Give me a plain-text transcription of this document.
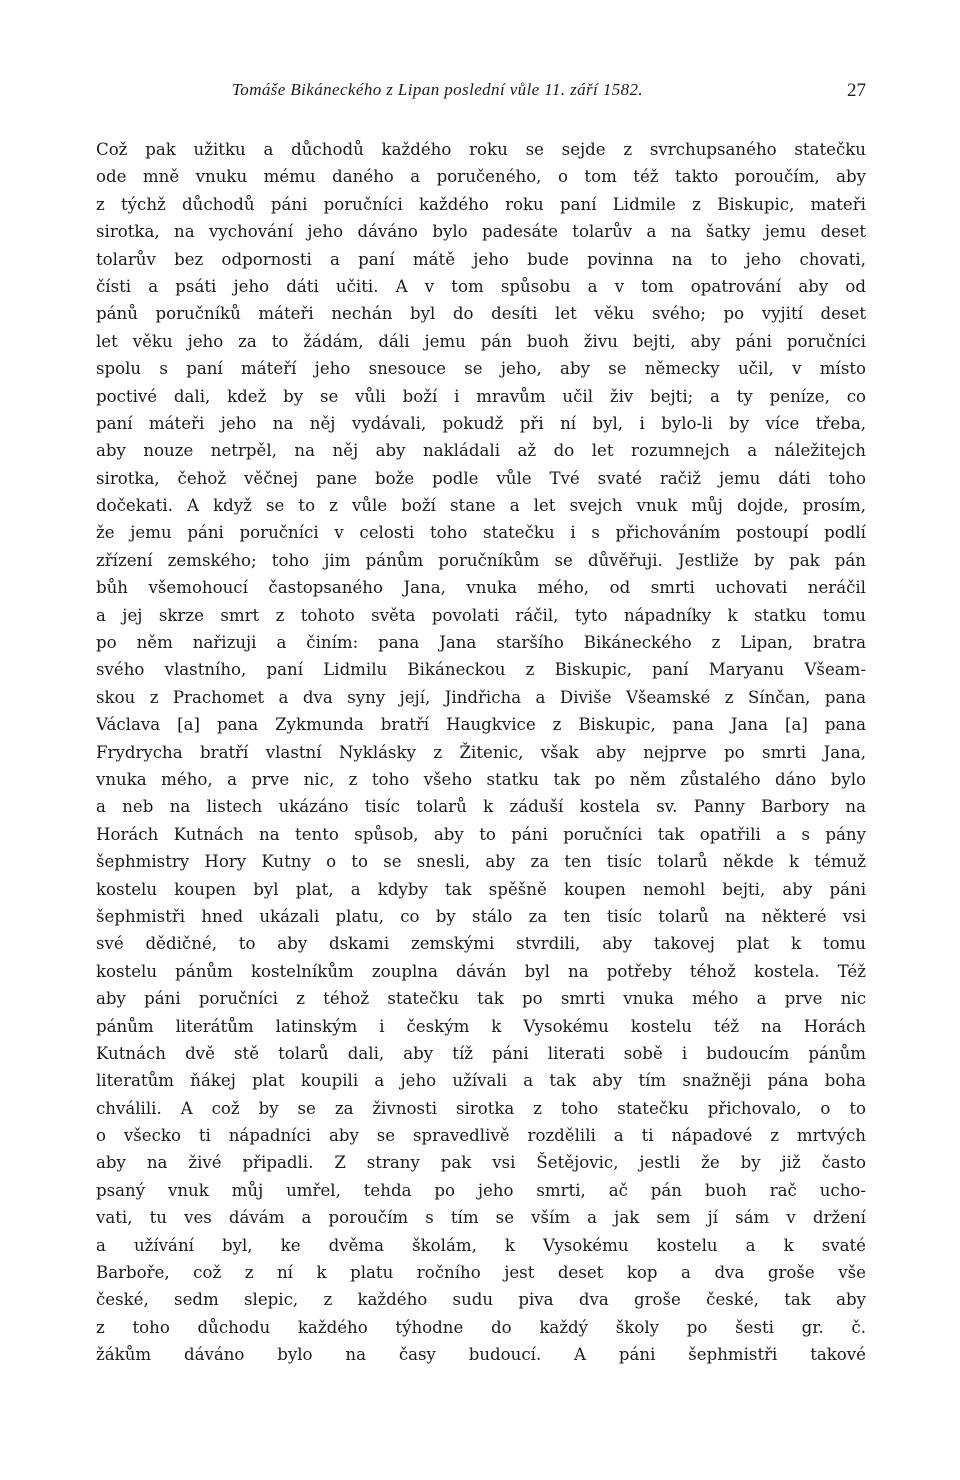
Tomáše Bikáneckého z Lipan poslední vůle 11. září 1582.	27
Což pak užitku a důchodů každého roku se sejde z svrchupsaného statečku
ode mně vnuku mému daného a poručeného, o tom též takto poroučím, aby
z týchž důchodů páni poručníci každého roku paní Lidmile z Biskupic, mateři
sirotka, na vychování jeho dáváno bylo padesáte tolarův a na šatky jemu deset
tolarův bez odpornosti a paní mátě jeho bude povinna na to jeho chovati,
čísti a psáti jeho dáti učiti. A v tom spůsobu a v tom opatrování aby od
pánů poručníků máteři nechán byl do desíti let věku svého; po vyjití deset
let věku jeho za to žádám, dáli jemu pán buoh živu bejti, aby páni poručníci
spolu s paní máteří jeho snesouce se jeho, aby se německy učil, v místo
poctivé dali, kdež by se vůli boží i mravům učil živ bejti; a ty peníze, co
paní máteři jeho na něj vydávali, pokudž při ní byl, i bylo-li by více třeba,
aby nouze netrpěl, na něj aby nakládali až do let rozumnejch a náležitejch
sirotka, čehož věčnej pane bože podle vůle Tvé svaté račiž jemu dáti toho
dočekati. A když se to z vůle boží stane a let svejch vnuk můj dojde, prosím,
že jemu páni poručníci v celosti toho statečku i s přichováním postoupí podlí
zřízení zemského; toho jim pánům poručníkům se důvěřuji. Jestliže by pak pán
bůh všemohoucí častopsaného Jana, vnuka mého, od smrti uchovati neráčil
a jej skrze smrt z tohoto světa povolati ráčil, tyto nápadníky k statku tomu
po něm nařizuji a činím: pana Jana staršího Bikáneckého z Lipan, bratra
svého vlastního, paní Lidmilu Bikáneckou z Biskupic, paní Maryanu Všeam-
skou z Prachomet a dva syny její, Jindřicha a Diviše Všeamské z Sínčan, pana
Václava [a] pana Zykmunda bratří Haugkvice z Biskupic, pana Jana [a] pana
Frydrycha bratří vlastní Nyklásky z Žitenic, však aby nejprve po smrti Jana,
vnuka mého, a prve nic, z toho všeho statku tak po něm zůstalého dáno bylo
a neb na listech ukázáno tisíc tolarů k záduší kostela sv. Panny Barbory na
Horách Kutnách na tento spůsob, aby to páni poručníci tak opatřili a s pány
šephmistry Hory Kutny o to se snesli, aby za ten tisíc tolarů někde k témuž
kostelu koupen byl plat, a kdyby tak spěšně koupen nemohl bejti, aby páni
šephmistři hned ukázali platu, co by stálo za ten tisíc tolarů na některé vsi
své dědičné, to aby dskami zemskými stvrdili, aby takovej plat k tomu
kostelu pánům kostelníkům zouplna dáván byl na potřeby téhož kostela. Též
aby páni poručníci z téhož statečku tak po smrti vnuka mého a prve nic
pánům literátům latinským i českým k Vysokému kostelu též na Horách
Kutnách dvě stě tolarů dali, aby tíž páni literati sobě i budoucím pánům
literatům ňákej plat koupili a jeho užívali a tak aby tím snažněji pána boha
chválili. A což by se za živnosti sirotka z toho statečku přichovalo, o to
o všecko ti nápadníci aby se spravedlivě rozdělili a ti nápadové z mrtvých
aby na živé připadli. Z strany pak vsi Šetějovic, jestli že by již často
psaný vnuk můj umřel, tehda po jeho smrti, ač pán buoh rač ucho-
vati, tu ves dávám a poroučím s tím se vším a jak sem jí sám v držení
a užívání byl, ke dvěma školám, k Vysokému kostelu a k svaté
Barboře, což z ní k platu ročního jest deset kop a dva groše vše
české, sedm slepic, z každého sudu piva dva groše české, tak aby
z toho důchodu každého týhodne do každý školy po šesti gr. č.
žákům dáváno bylo na časy budoucí. A páni šephmistři takové
